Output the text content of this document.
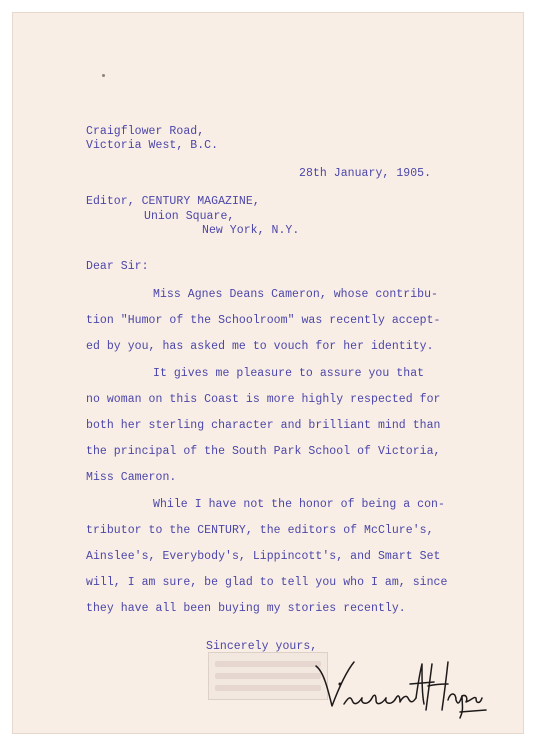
Craigflower Road,

Victoria West, B.C.

28th January, 1905.

Editor, CENTURY MAGAZINE,

Union Square,

New York, N.Y.

Dear Sir:

Miss Agnes Deans Cameron, whose contribu-

tion "Humor of the Schoolroom" was recently accept-

ed by you, has asked me to vouch for her identity.

It gives me pleasure to assure you that

no woman on this Coast is more highly respected for

both her sterling character and brilliant mind than

the principal of the South Park School of Victoria,

Miss Cameron.

While I have not the honor of being a con-

tributor to the CENTURY, the editors of McClure's,

Ainslee's, Everybody's, Lippincott's, and Smart Set

will, I am sure, be glad to tell you who I am, since

they have all been buying my stories recently.

Sincerely yours,
